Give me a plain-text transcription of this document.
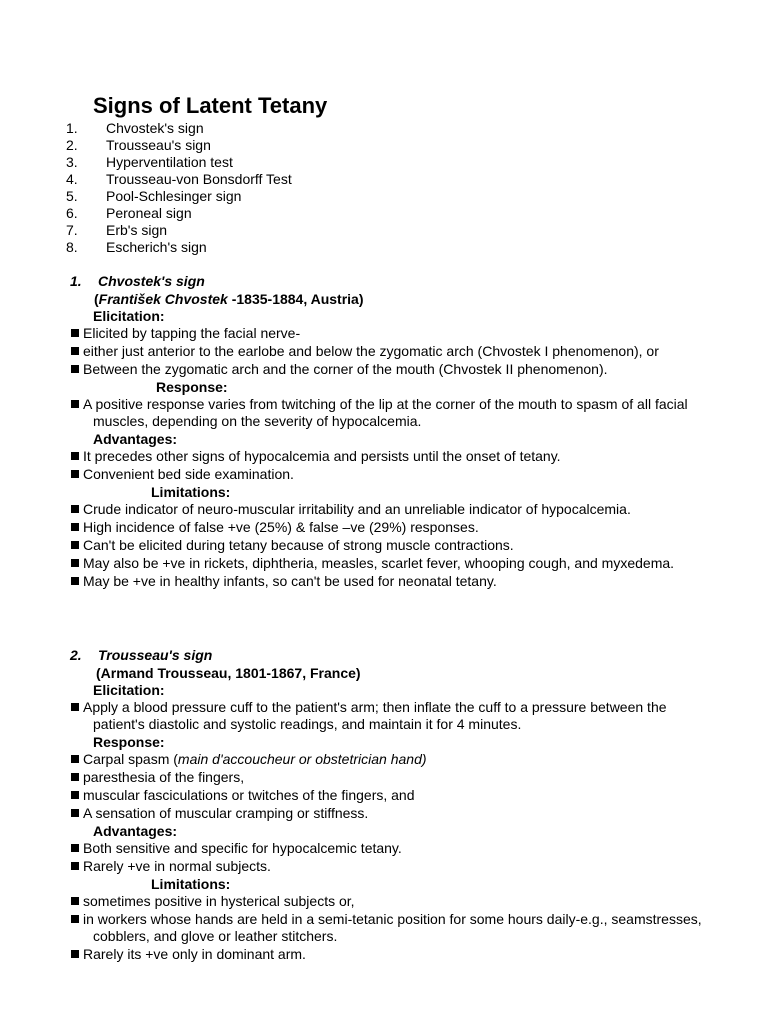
Signs of Latent Tetany
1. Chvostek's sign
2. Trousseau's sign
3. Hyperventilation test
4. Trousseau-von Bonsdorff Test
5. Pool-Schlesinger sign
6. Peroneal sign
7. Erb's sign
8. Escherich's sign
1. Chvostek's sign
(František Chvostek -1835-1884, Austria)
Elicitation:
Elicited by tapping the facial nerve-
either just anterior to the earlobe and below the zygomatic arch (Chvostek I phenomenon), or
Between the zygomatic arch and the corner of the mouth (Chvostek II phenomenon).
Response:
A positive response varies from twitching of the lip at the corner of the mouth to spasm of all facial muscles, depending on the severity of hypocalcemia.
Advantages:
It precedes other signs of hypocalcemia and persists until the onset of tetany.
Convenient bed side examination.
Limitations:
Crude indicator of neuro-muscular irritability and an unreliable indicator of hypocalcemia.
High incidence of false +ve (25%) & false –ve (29%) responses.
Can't be elicited during tetany because of strong muscle contractions.
May also be +ve in rickets, diphtheria, measles, scarlet fever, whooping cough, and myxedema.
May be +ve in healthy infants, so can't be used for neonatal tetany.
2. Trousseau's sign
(Armand Trousseau, 1801-1867, France)
Elicitation:
Apply a blood pressure cuff to the patient's arm; then inflate the cuff to a pressure between the patient's diastolic and systolic readings, and maintain it for 4 minutes.
Response:
Carpal spasm (main d'accoucheur or obstetrician hand)
paresthesia of the fingers,
muscular fasciculations or twitches of the fingers, and
A sensation of muscular cramping or stiffness.
Advantages:
Both sensitive and specific for hypocalcemic tetany.
Rarely +ve in normal subjects.
Limitations:
sometimes positive in hysterical subjects or,
in workers whose hands are held in a semi-tetanic position for some hours daily-e.g., seamstresses, cobblers, and glove or leather stitchers.
Rarely its +ve only in dominant arm.
